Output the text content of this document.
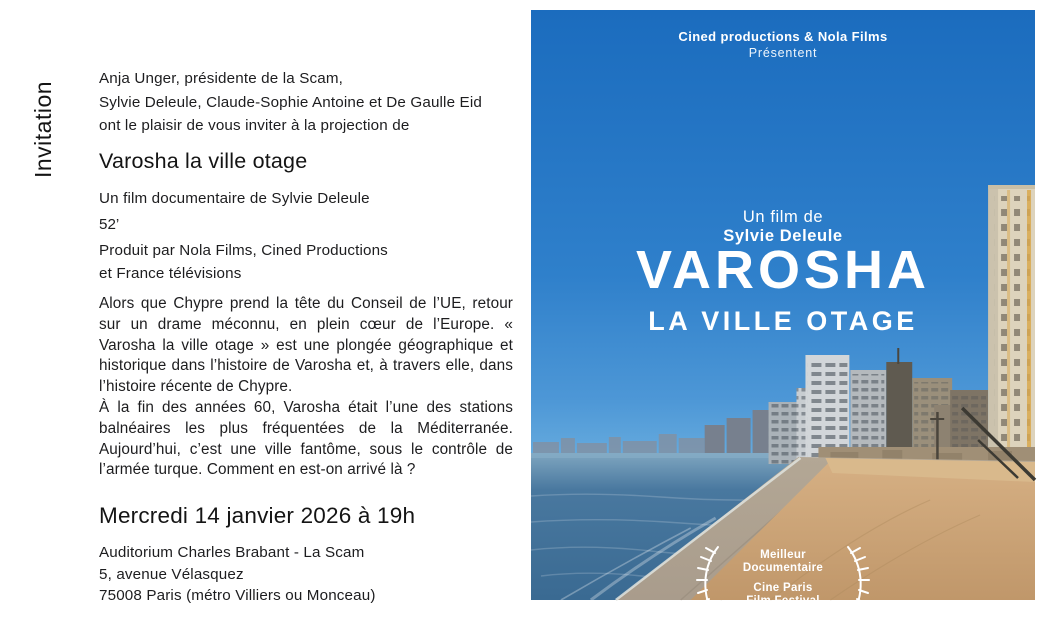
Invitation
Anja Unger, présidente de la Scam,
Sylvie Deleule, Claude-Sophie Antoine et De Gaulle Eid
ont le plaisir de vous inviter à la projection de
Varosha la ville otage
Un film documentaire de Sylvie Deleule
52’
Produit par Nola Films, Cined Productions
et France télévisions

Alors que Chypre prend la tête du Conseil de l’UE, retour sur un drame méconnu, en plein cœur de l’Europe. « Varosha la ville otage » est une plongée géographique et historique dans l’histoire de Varosha et, à travers elle, dans l’histoire récente de Chypre.

À la fin des années 60, Varosha était l’une des stations balnéaires les plus fréquentées de la Méditerranée. Aujourd’hui, c’est une ville fantôme, sous le contrôle de l’armée turque. Comment en est-on arrivé là ?

Mercredi 14 janvier 2026 à 19h
Auditorium Charles Brabant - La Scam
5, avenue Vélasquez
75008 Paris (métro Villiers ou Monceau)
Cined productions & Nola Films
Présentent
Un film de
Sylvie Deleule
VAROSHA
LA VILLE OTAGE
Meilleur
Documentaire
Cine Paris
Film Festival
